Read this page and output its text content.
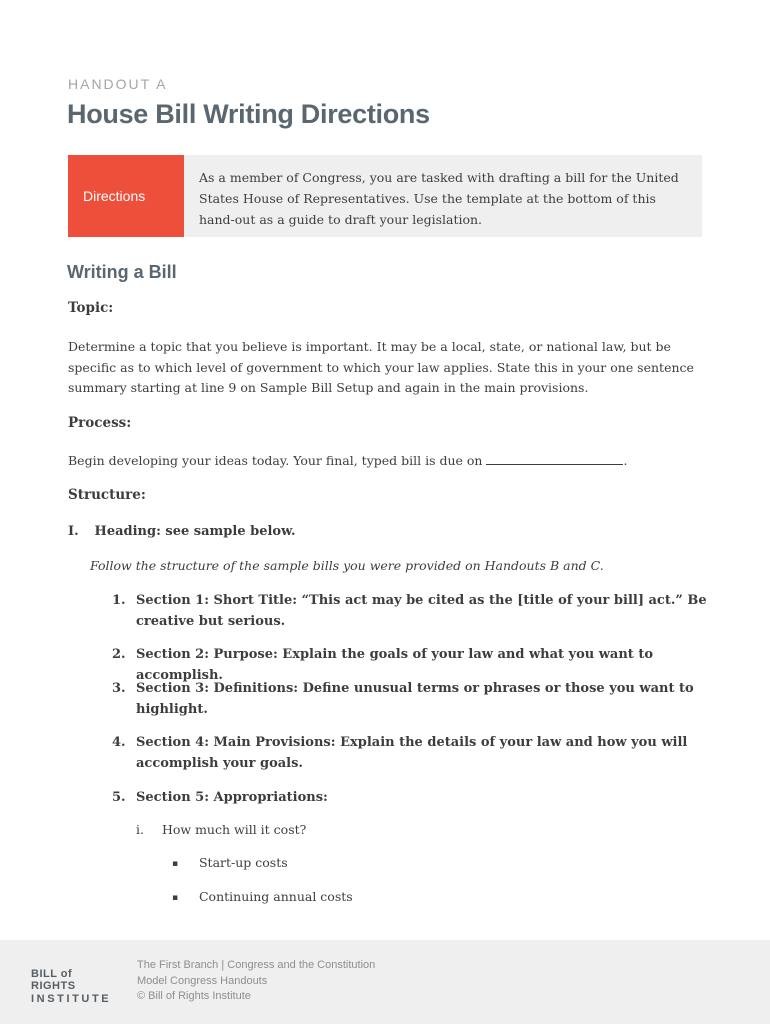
HANDOUT A
House Bill Writing Directions
Directions
As a member of Congress, you are tasked with drafting a bill for the United States House of Representatives. Use the template at the bottom of this hand-out as a guide to draft your legislation.
Writing a Bill

Topic:

Determine a topic that you believe is important. It may be a local, state, or national law, but be specific as to which level of government to which your law applies. State this in your one sentence summary starting at line 9 on Sample Bill Setup and again in the main provisions.

Process:

Begin developing your ideas today. Your final, typed bill is due on	.

Structure:

I. Heading: see sample below.
Follow the structure of the sample bills you were provided on Handouts B and C.
1. Section 1: Short Title: “This act may be cited as the [title of your bill] act.” Be creative but serious.
2. Section 2: Purpose: Explain the goals of your law and what you want to accomplish.
3. Section 3: Definitions: Define unusual terms or phrases or those you want to highlight.
4. Section 4: Main Provisions: Explain the details of your law and how you will accomplish your goals.
5. Section 5: Appropriations:
i. How much will it cost?
▪ Start-up costs
▪ Continuing annual costs
BILL of RIGHTS
INSTITUTE
The First Branch | Congress and the Constitution
Model Congress Handouts
© Bill of Rights Institute
